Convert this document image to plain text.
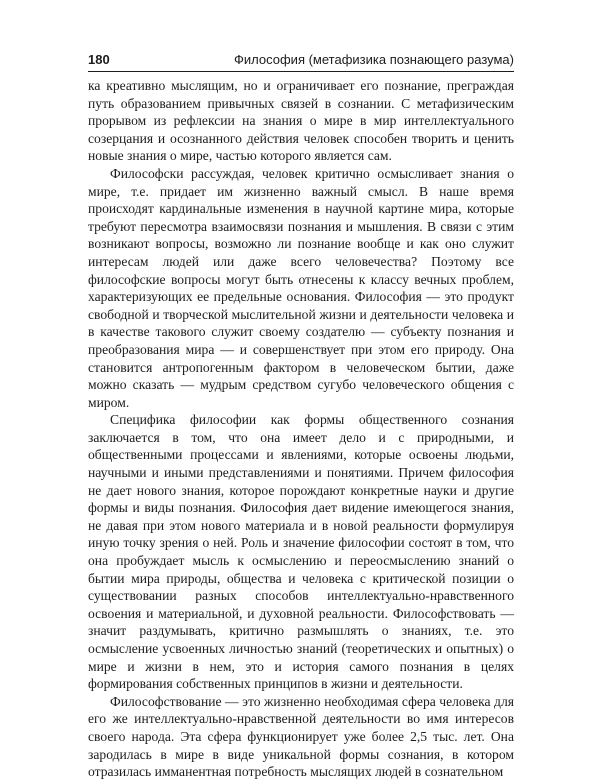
180	Философия (метафизика познающего разума)

ка креативно мыслящим, но и ограничивает его познание, преграждая путь образованием привычных связей в сознании. С метафизическим прорывом из рефлексии на знания о мире в мир интеллектуального созерцания и осознанного действия человек способен творить и ценить новые знания о мире, частью которого является сам.

Философски рассуждая, человек критично осмысливает знания о мире, т.е. придает им жизненно важный смысл. В наше время происходят кардинальные изменения в научной картине мира, которые требуют пересмотра взаимосвязи познания и мышления. В связи с этим возникают вопросы, возможно ли познание вообще и как оно служит интересам людей или даже всего человечества? Поэтому все философские вопросы могут быть отнесены к классу вечных проблем, характеризующих ее предельные основания. Философия — это продукт свободной и творческой мыслительной жизни и деятельности человека и в качестве такового служит своему создателю — субъекту познания и преобразования мира — и совершенствует при этом его природу. Она становится антропогенным фактором в человеческом бытии, даже можно сказать — мудрым средством сугубо человеческого общения с миром.

Специфика философии как формы общественного сознания заключается в том, что она имеет дело и с природными, и общественными процессами и явлениями, которые освоены людьми, научными и иными представлениями и понятиями. Причем философия не дает нового знания, которое порождают конкретные науки и другие формы и виды познания. Философия дает видение имеющегося знания, не давая при этом нового материала и в новой реальности формулируя иную точку зрения о ней. Роль и значение философии состоят в том, что она пробуждает мысль к осмыслению и переосмыслению знаний о бытии мира природы, общества и человека с критической позиции о существовании разных способов интеллектуально-нравственного освоения и материальной, и духовной реальности. Философствовать — значит раздумывать, критично размышлять о знаниях, т.е. это осмысление усвоенных личностью знаний (теоретических и опытных) о мире и жизни в нем, это и история самого познания в целях формирования собственных принципов в жизни и деятельности.

Философствование — это жизненно необходимая сфера человека для его же интеллектуально-нравственной деятельности во имя интересов своего народа. Эта сфера функционирует уже более 2,5 тыс. лет. Она зародилась в мире в виде уникальной формы сознания, в котором отразилась имманентная потребность мыслящих людей в сознательном
